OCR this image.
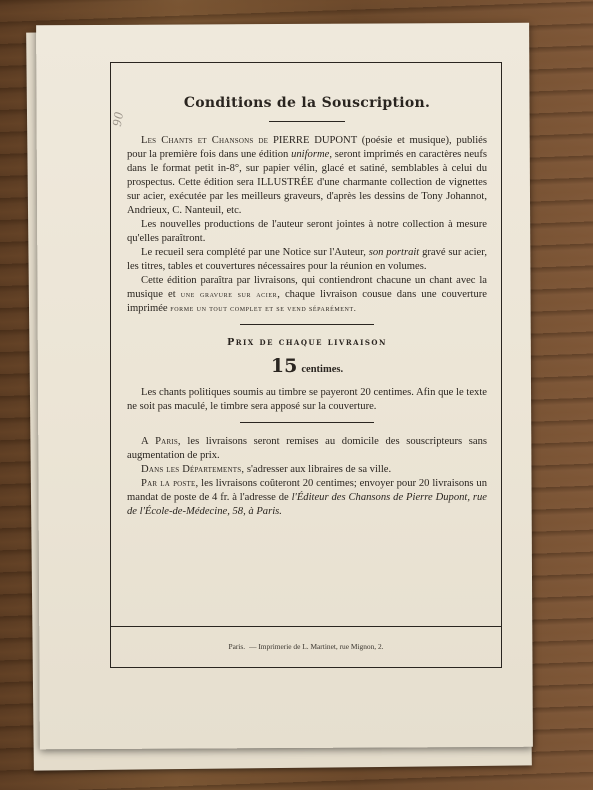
90
Conditions de la Souscription.

Les Chants et Chansons de PIERRE DUPONT (poésie et musique), publiés pour la première fois dans une édition uniforme, seront imprimés en caractères neufs dans le format petit in-8°, sur papier vélin, glacé et satiné, semblables à celui du prospectus. Cette édition sera ILLUSTRÉE d'une charmante collection de vignettes sur acier, exécutée par les meilleurs graveurs, d'après les dessins de Tony Johannot, Andrieux, C. Nanteuil, etc.

Les nouvelles productions de l'auteur seront jointes à notre collection à mesure qu'elles paraîtront.

Le recueil sera complété par une Notice sur l'Auteur, son portrait gravé sur acier, les titres, tables et couvertures nécessaires pour la réunion en volumes.

Cette édition paraîtra par livraisons, qui contiendront chacune un chant avec la musique et une gravure sur acier, chaque livraison cousue dans une couverture imprimée forme un tout complet et se vend séparément.

Prix de chaque livraison
15 centimes.

Les chants politiques soumis au timbre se payeront 20 centimes. Afin que le texte ne soit pas maculé, le timbre sera apposé sur la couverture.

A Paris, les livraisons seront remises au domicile des souscripteurs sans augmentation de prix.

Dans les Départements, s'adresser aux libraires de sa ville.

Par la poste, les livraisons coûteront 20 centimes; envoyer pour 20 livraisons un mandat de poste de 4 fr. à l'adresse de l'Éditeur des Chansons de Pierre Dupont, rue de l'École-de-Médecine, 58, à Paris.

Paris. — Imprimerie de L. Martinet, rue Mignon, 2.
